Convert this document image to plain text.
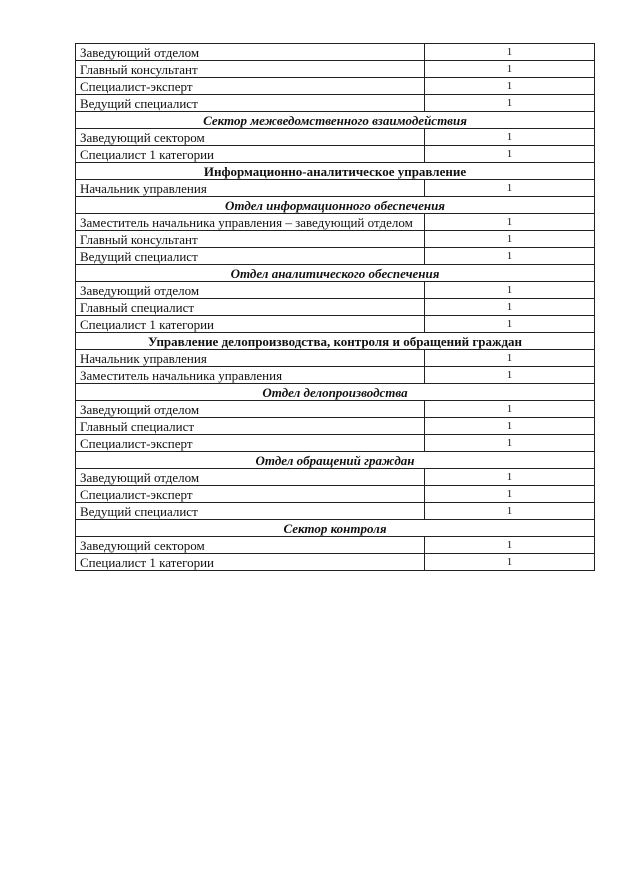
Заведующий отделом	1
Главный консультант	1
Специалист-эксперт	1
Ведущий специалист	1
Сектор межведомственного взаимодействия	
Заведующий сектором	1
Специалист 1 категории	1
Информационно-аналитическое управление	
Начальник управления	1
Отдел информационного обеспечения	
Заместитель начальника управления – заведующий отделом	1
Главный консультант	1
Ведущий специалист	1
Отдел аналитического обеспечения	
Заведующий отделом	1
Главный специалист	1
Специалист 1 категории	1
Управление делопроизводства, контроля и обращений граждан	
Начальник управления	1
Заместитель начальника управления	1
Отдел делопроизводства	
Заведующий отделом	1
Главный специалист	1
Специалист-эксперт	1
Отдел обращений граждан	
Заведующий отделом	1
Специалист-эксперт	1
Ведущий специалист	1
Сектор контроля	
Заведующий сектором	1
Специалист 1 категории	1
